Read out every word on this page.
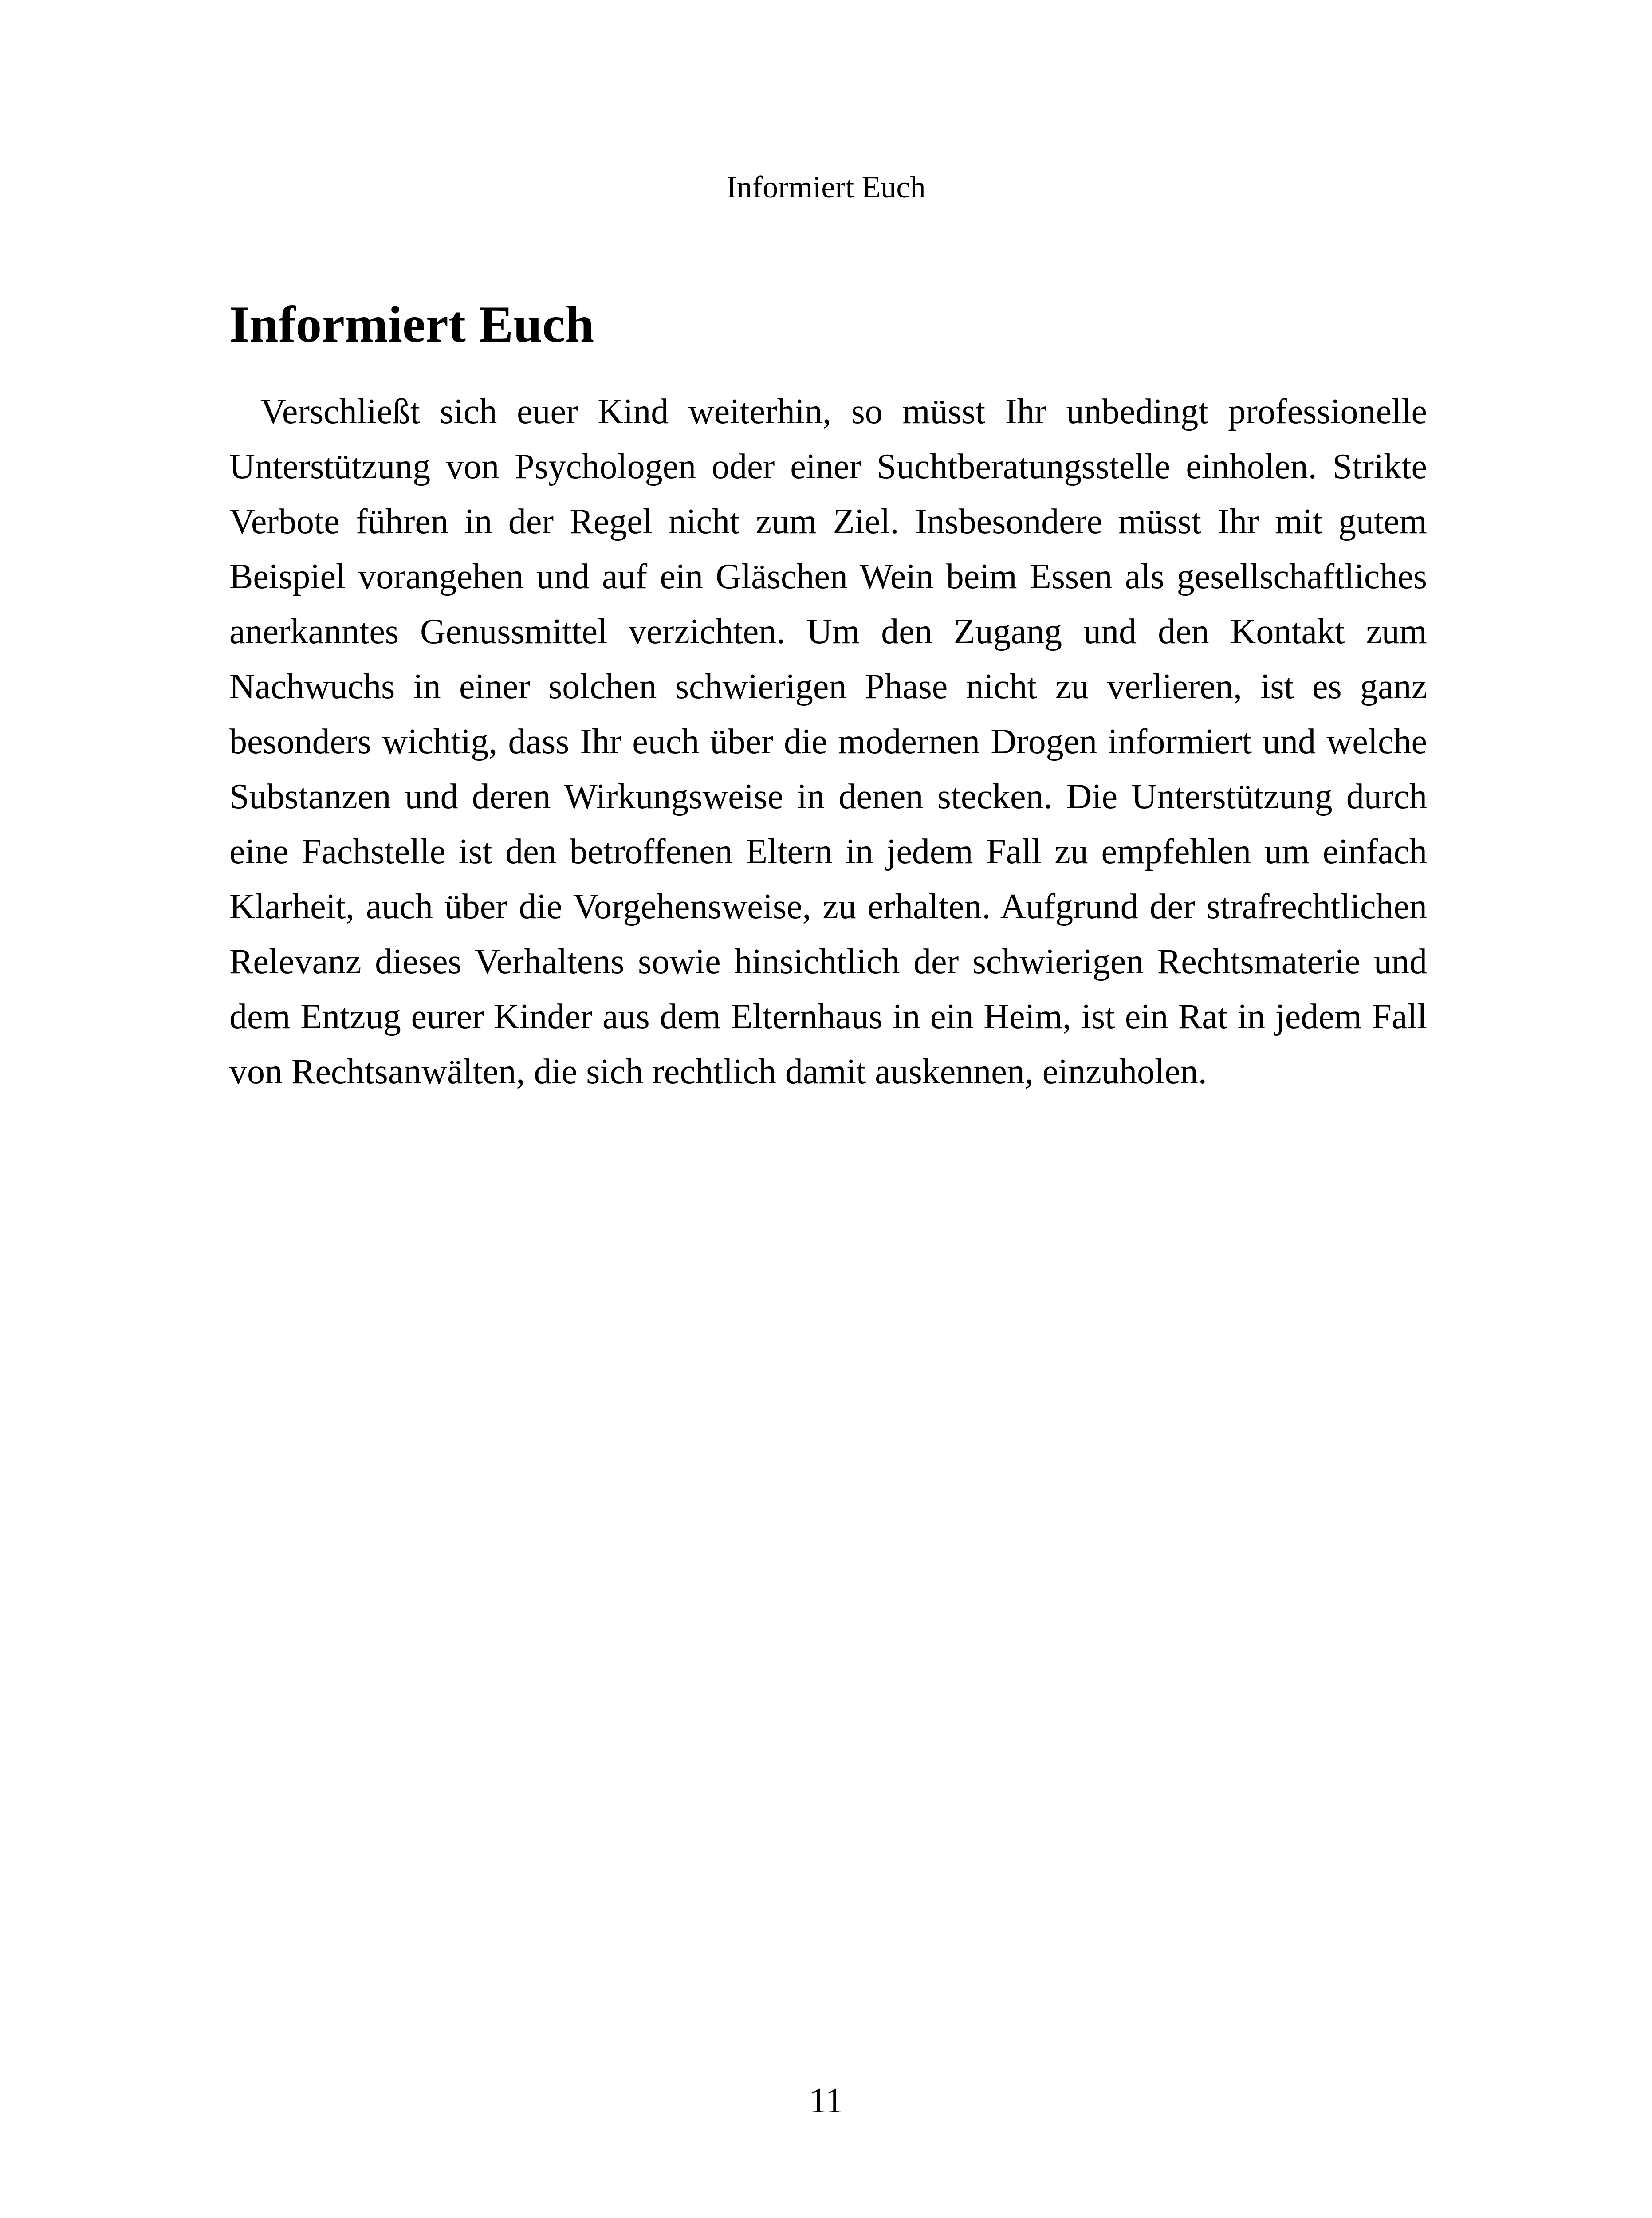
Informiert Euch
Informiert Euch

Verschließt sich euer Kind weiterhin, so müsst Ihr unbedingt professionelle Unterstützung von Psychologen oder einer Suchtberatungsstelle einholen. Strikte Verbote führen in der Regel nicht zum Ziel. Insbesondere müsst Ihr mit gutem Beispiel vorangehen und auf ein Gläschen Wein beim Essen als gesellschaftliches anerkanntes Genussmittel verzichten. Um den Zugang und den Kontakt zum Nachwuchs in einer solchen schwierigen Phase nicht zu verlieren, ist es ganz besonders wichtig, dass Ihr euch über die modernen Drogen informiert und welche Substanzen und deren Wirkungsweise in denen stecken. Die Unterstützung durch eine Fachstelle ist den betroffenen Eltern in jedem Fall zu empfehlen um einfach Klarheit, auch über die Vorgehensweise, zu erhalten. Aufgrund der strafrechtlichen Relevanz dieses Verhaltens sowie hinsichtlich der schwierigen Rechtsmaterie und dem Entzug eurer Kinder aus dem Elternhaus in ein Heim, ist ein Rat in jedem Fall von Rechtsanwälten, die sich rechtlich damit auskennen, einzuholen.

11
